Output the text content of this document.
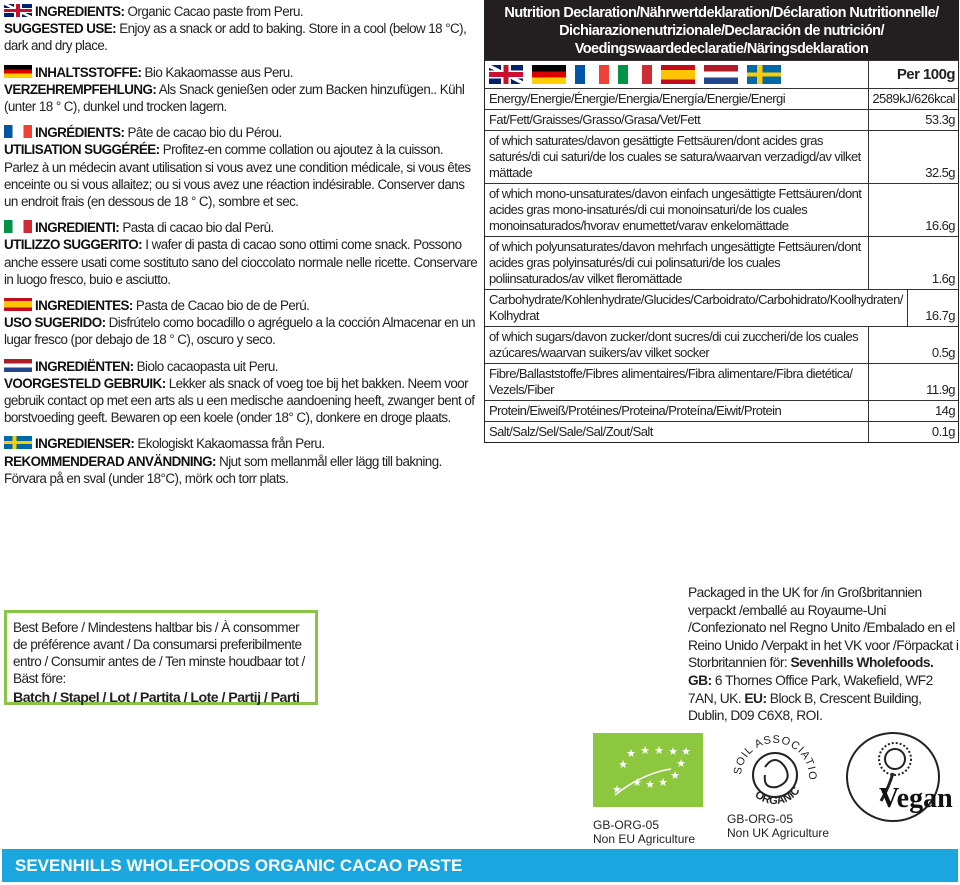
INGREDIENTS: Organic Cacao paste from Peru.
SUGGESTED USE: Enjoy as a snack or add to baking. Store in a cool (below 18 °C), dark and dry place.
INHALTSSTOFFE: Bio Kakaomasse aus Peru.
VERZEHREMPFEHLUNG: Als Snack genießen oder zum Backen hinzufügen.. Kühl (unter 18 ° C), dunkel und trocken lagern.
INGRÉDIENTS: Pâte de cacao bio du Pérou.
UTILISATION SUGGÉRÉE: Profitez-en comme collation ou ajoutez à la cuisson. Parlez à un médecin avant utilisation si vous avez une condition médicale, si vous êtes enceinte ou si vous allaitez; ou si vous avez une réaction indésirable. Conserver dans un endroit frais (en dessous de 18 ° C), sombre et sec.
INGREDIENTI: Pasta di cacao bio dal Perù.
UTILIZZO SUGGERITO: I wafer di pasta di cacao sono ottimi come snack. Possono anche essere usati come sostituto sano del cioccolato normale nelle ricette. Conservare in luogo fresco, buio e asciutto.
INGREDIENTES: Pasta de Cacao bio de de Perú.
USO SUGERIDO: Disfrútelo como bocadillo o agréguelo a la cocción Almacenar en un lugar fresco (por debajo de 18 ° C), oscuro y seco.
INGREDIËNTEN: Biolo cacaopasta uit Peru.
VOORGESTELD GEBRUIK: Lekker als snack of voeg toe bij het bakken. Neem voor gebruik contact op met een arts als u een medische aandoening heeft, zwanger bent of borstvoeding geeft. Bewaren op een koele (onder 18° C), donkere en droge plaats.
INGREDIENSER: Ekologiskt Kakaomassa från Peru.
REKOMMENDERAD ANVÄNDNING: Njut som mellanmål eller lägg till bakning. Förvara på en sval (under 18°C), mörk och torr plats.
Nutrition Declaration/Nährwertdeklaration/Déclaration Nutritionnelle/ Dichiarazionenutrizionale/Declaración de nutrición/ Voedingswaardedeclaratie/Näringsdeklaration
Per 100g
Energy/Energie/Énergie/Energia/Energía/Energie/Energi	2589kJ/626kcal
Fat/Fett/Graisses/Grasso/Grasa/Vet/Fett	53.3g
of which saturates/davon gesättigte Fettsäuren/dont acides gras saturés/di cui saturi/de los cuales se satura/waarvan verzadigd/av vilket mättade	32.5g
of which mono-unsaturates/davon einfach ungesättigte Fettsäuren/dont acides gras mono-insaturés/di cui monoinsaturi/de los cuales monoinsaturados/hvorav enumettet/varav enkelomättade	16.6g
of which polyunsaturates/davon mehrfach ungesättigte Fettsäuren/dont acides gras polyinsaturés/di cui polinsaturi/de los cuales poliinsaturados/av vilket fleromättade	1.6g
Carbohydrate/Kohlenhydrate/Glucides/Carboidrato/Carbohidrato/Koolhydraten/ Kolhydrat	16.7g
of which sugars/davon zucker/dont sucres/di cui zuccheri/de los cuales azúcares/waarvan suikers/av vilket socker	0.5g
Fibre/Ballaststoffe/Fibres alimentaires/Fibra alimentare/Fibra dietética/ Vezels/Fiber	11.9g
Protein/Eiweiß/Protéines/Proteina/Proteína/Eiwit/Protein	14g
Salt/Salz/Sel/Sale/Sal/Zout/Salt	0.1g
Best Before / Mindestens haltbar bis / À consommer de préférence avant / Da consumarsi preferibilmente entro / Consumir antes de / Ten minste houdbaar tot / Bäst före:
Batch / Stapel / Lot / Partita / Lote / Partij / Parti
Packaged in the UK for /in Großbritannien verpackt /emballé au Royaume-Uni /Confezionato nel Regno Unito /Embalado en el Reino Unido /Verpakt in het VK voor /Förpackat i Storbritannien för: Sevenhills Wholefoods. GB: 6 Thornes Office Park, Wakefield, WF2 7AN, UK. EU: Block B, Crescent Building, Dublin, D09 C6X8, ROI.
★ ★ ★ ★ ★
★	★
★
★ ★ ★
★
GB-ORG-05
Non EU Agriculture
SOIL ASSOCIATIO
ORGANIC
GB-ORG-05
Non UK Agriculture
Vegan
SEVENHILLS WHOLEFOODS ORGANIC CACAO PASTE
